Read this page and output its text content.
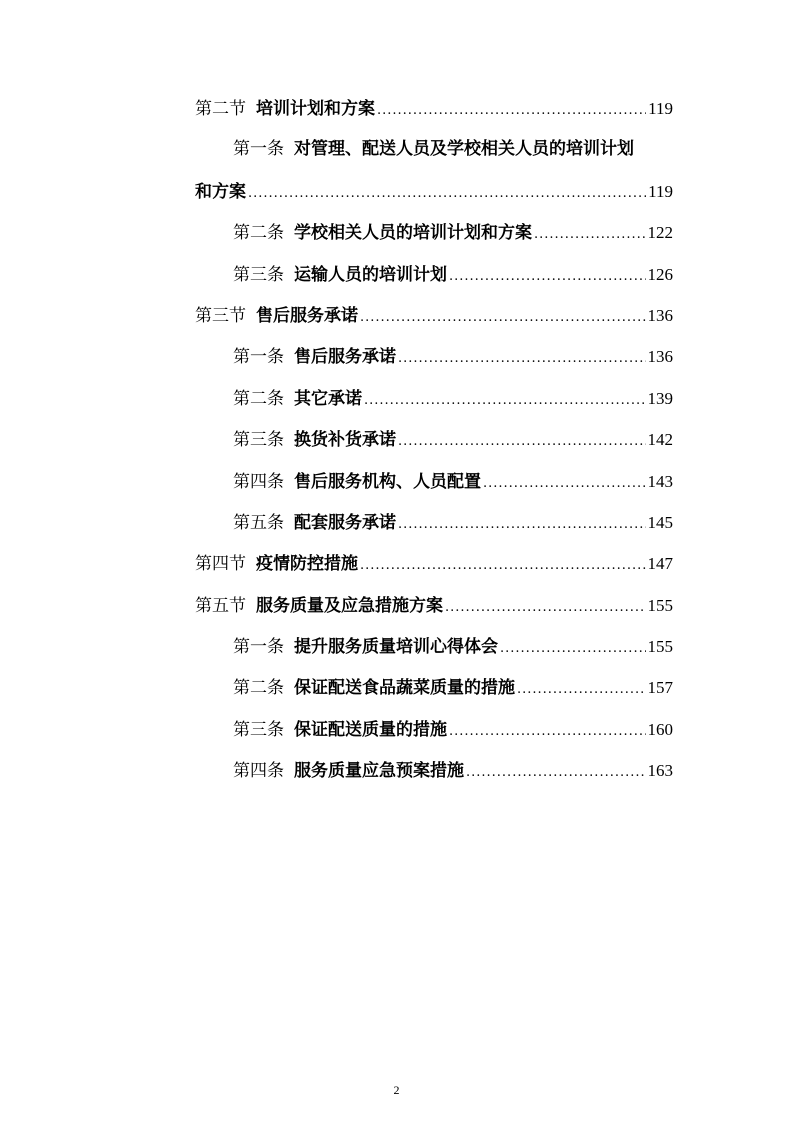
第二节 培训计划和方案 .....	119
第一条 对管理、配送人员及学校相关人员的培训计划
和方案 .....	119
第二条 学校相关人员的培训计划和方案 .....	122
第三条 运输人员的培训计划 .....	126
第三节 售后服务承诺 .....	136
第一条 售后服务承诺 .....	136
第二条 其它承诺 .....	139
第三条 换货补货承诺 .....	142
第四条 售后服务机构、人员配置 .....	143
第五条 配套服务承诺 .....	145
第四节 疫情防控措施 .....	147
第五节 服务质量及应急措施方案 .....	155
第一条 提升服务质量培训心得体会 .....	155
第二条 保证配送食品蔬菜质量的措施 .....	157
第三条 保证配送质量的措施 .....	160
第四条 服务质量应急预案措施 .....	163
2
